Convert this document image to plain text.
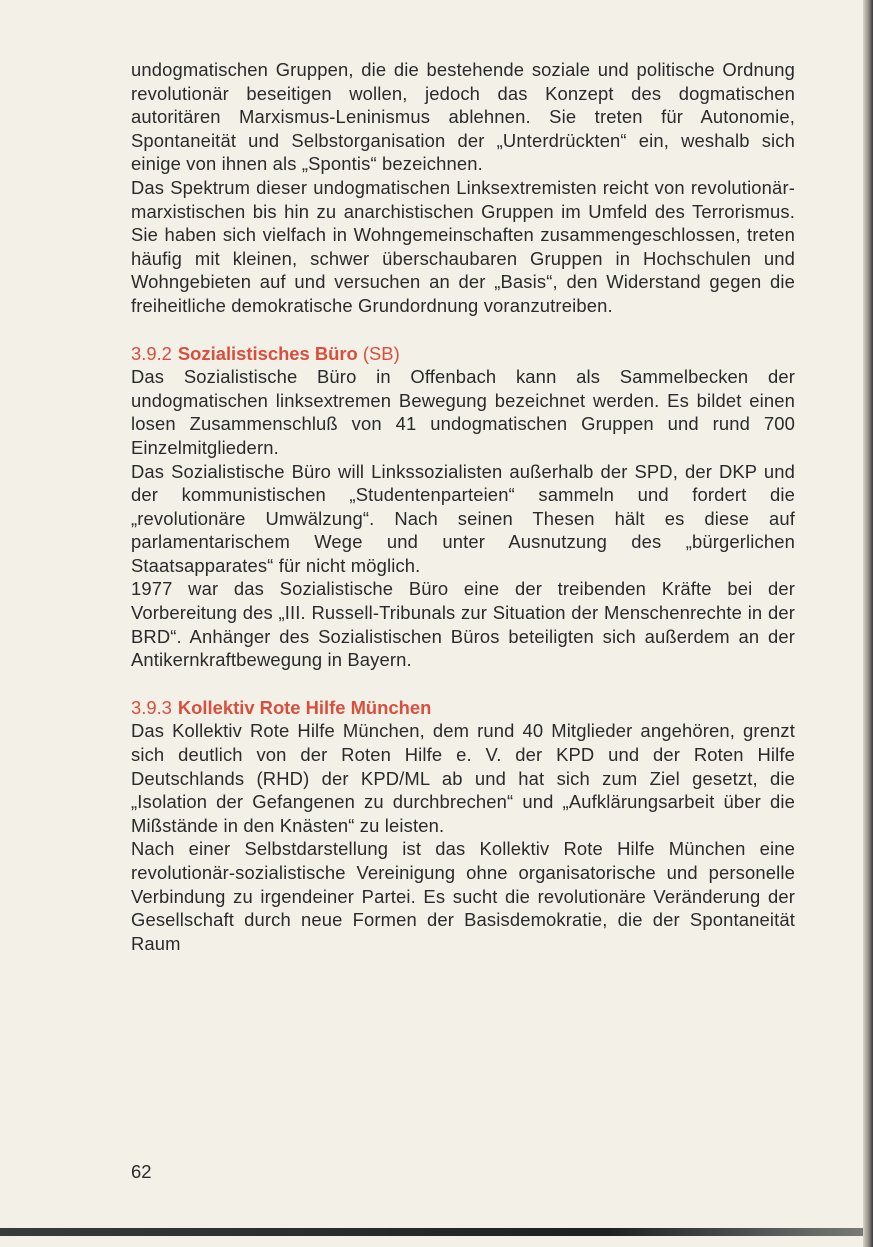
undogmatischen Gruppen, die die bestehende soziale und politische Ordnung revolutionär beseitigen wollen, jedoch das Konzept des dogmatischen autoritären Marxismus-Leninismus ablehnen. Sie treten für Autonomie, Spontaneität und Selbstorganisation der „Unterdrückten“ ein, weshalb sich einige von ihnen als „Spontis“ bezeichnen.

Das Spektrum dieser undogmatischen Linksextremisten reicht von revolutionär-marxistischen bis hin zu anarchistischen Gruppen im Umfeld des Terrorismus. Sie haben sich vielfach in Wohngemeinschaften zusammengeschlossen, treten häufig mit kleinen, schwer überschaubaren Gruppen in Hochschulen und Wohngebieten auf und versuchen an der „Basis“, den Widerstand gegen die freiheitliche demokratische Grundordnung voranzutreiben.

3.9.2 Sozialistisches Büro (SB)

Das Sozialistische Büro in Offenbach kann als Sammelbecken der undogmatischen linksextremen Bewegung bezeichnet werden. Es bildet einen losen Zusammenschluß von 41 undogmatischen Gruppen und rund 700 Einzelmitgliedern.

Das Sozialistische Büro will Linkssozialisten außerhalb der SPD, der DKP und der kommunistischen „Studentenparteien“ sammeln und fordert die „revolutionäre Umwälzung“. Nach seinen Thesen hält es diese auf parlamentarischem Wege und unter Ausnutzung des „bürgerlichen Staatsapparates“ für nicht möglich.

1977 war das Sozialistische Büro eine der treibenden Kräfte bei der Vorbereitung des „III. Russell-Tribunals zur Situation der Menschenrechte in der BRD“. Anhänger des Sozialistischen Büros beteiligten sich außerdem an der Antikernkraftbewegung in Bayern.

3.9.3 Kollektiv Rote Hilfe München

Das Kollektiv Rote Hilfe München, dem rund 40 Mitglieder angehören, grenzt sich deutlich von der Roten Hilfe e. V. der KPD und der Roten Hilfe Deutschlands (RHD) der KPD/ML ab und hat sich zum Ziel gesetzt, die „Isolation der Gefangenen zu durchbrechen“ und „Aufklärungsarbeit über die Mißstände in den Knästen“ zu leisten.

Nach einer Selbstdarstellung ist das Kollektiv Rote Hilfe München eine revolutionär-sozialistische Vereinigung ohne organisatorische und personelle Verbindung zu irgendeiner Partei. Es sucht die revolutionäre Veränderung der Gesellschaft durch neue Formen der Basisdemokratie, die der Spontaneität Raum

62
